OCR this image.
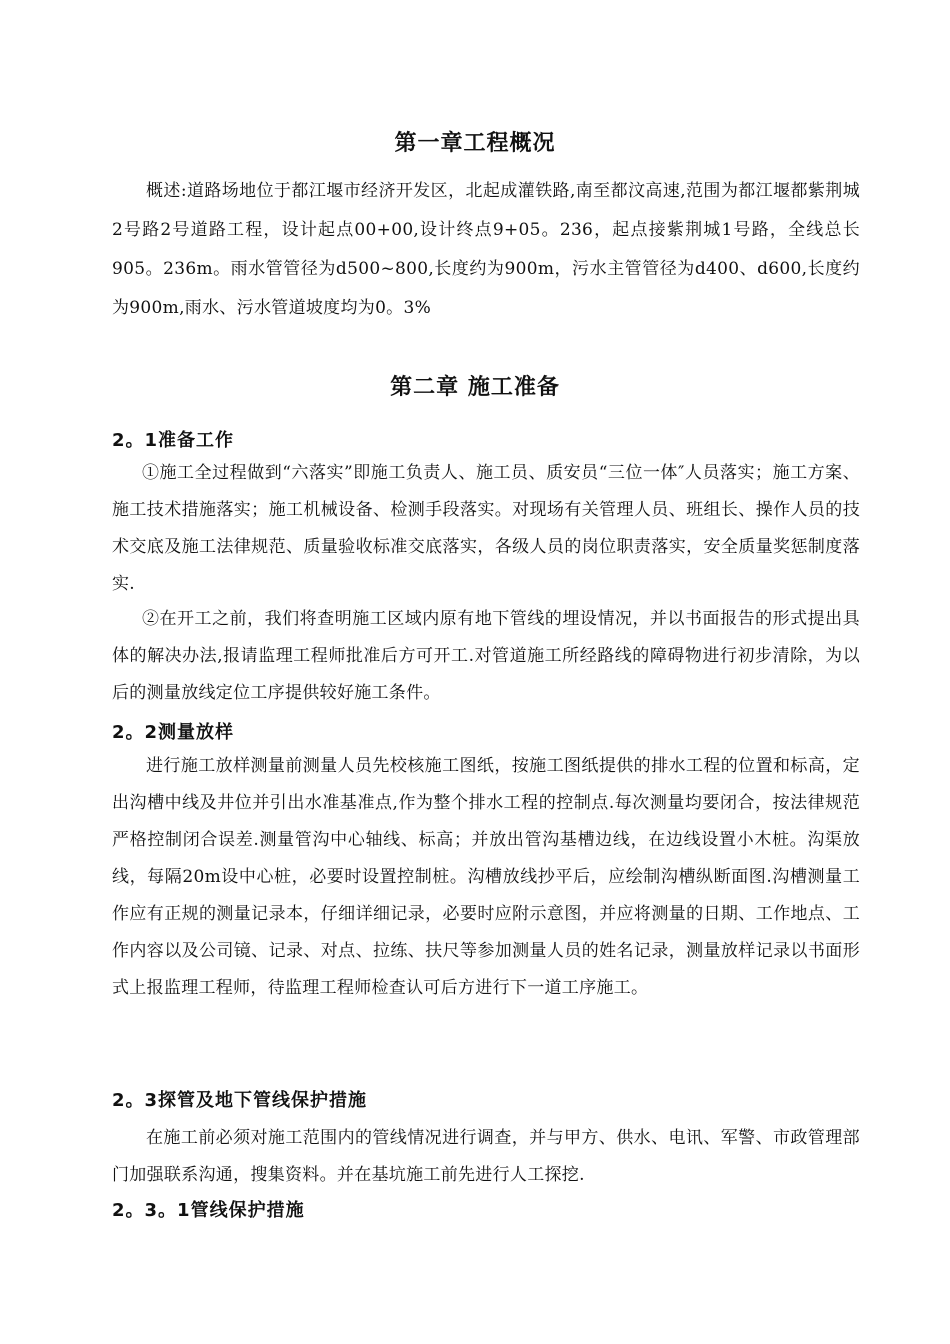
第一章工程概况
概述:道路场地位于都江堰市经济开发区，北起成灌铁路,南至都汶高速,范围为都江堰都紫荆城2号路2号道路工程，设计起点00+00,设计终点9+05。236，起点接紫荆城1号路，全线总长905。236m。雨水管管径为d500~800,长度约为900m，污水主管管径为d400、d600,长度约为900m,雨水、污水管道坡度均为0。3%
第二章 施工准备
2。1准备工作
①施工全过程做到“六落实”即施工负责人、施工员、质安员“三位一体″人员落实；施工方案、施工技术措施落实；施工机械设备、检测手段落实。对现场有关管理人员、班组长、操作人员的技术交底及施工法律规范、质量验收标准交底落实，各级人员的岗位职责落实，安全质量奖惩制度落实.
②在开工之前，我们将查明施工区域内原有地下管线的埋设情况，并以书面报告的形式提出具体的解决办法,报请监理工程师批准后方可开工.对管道施工所经路线的障碍物进行初步清除，为以后的测量放线定位工序提供较好施工条件。
2。2测量放样
进行施工放样测量前测量人员先校核施工图纸，按施工图纸提供的排水工程的位置和标高，定出沟槽中线及井位并引出水准基准点,作为整个排水工程的控制点.每次测量均要闭合，按法律规范严格控制闭合误差.测量管沟中心轴线、标高；并放出管沟基槽边线，在边线设置小木桩。沟渠放线，每隔20m设中心桩，必要时设置控制桩。沟槽放线抄平后，应绘制沟槽纵断面图.沟槽测量工作应有正规的测量记录本，仔细详细记录，必要时应附示意图，并应将测量的日期、工作地点、工作内容以及公司镜、记录、对点、拉练、扶尺等参加测量人员的姓名记录，测量放样记录以书面形式上报监理工程师，待监理工程师检查认可后方进行下一道工序施工。
2。3探管及地下管线保护措施
在施工前必须对施工范围内的管线情况进行调查，并与甲方、供水、电讯、军警、市政管理部门加强联系沟通，搜集资料。并在基坑施工前先进行人工探挖.
2。3。1管线保护措施
